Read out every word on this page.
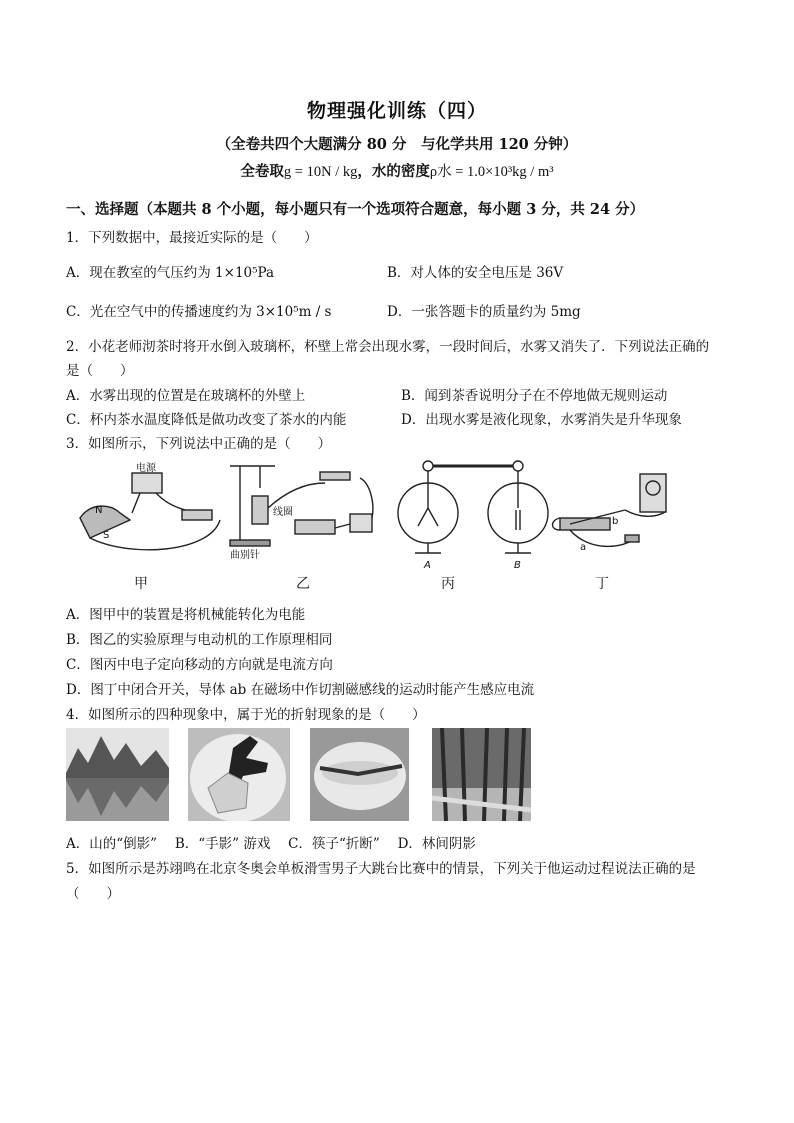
物理强化训练（四）
（全卷共四个大题满分 80 分　与化学共用 120 分钟）
全卷取g = 10N / kg，水的密度ρ水 = 1.0×10³kg / m³
一、选择题（本题共 8 个小题，每小题只有一个选项符合题意，每小题 3 分，共 24 分）
1．下列数据中，最接近实际的是（　　）
A．现在教室的气压约为 1×10⁵Pa	B．对人体的安全电压是 36V
C．光在空气中的传播速度约为 3×10⁵m / s	D．一张答题卡的质量约为 5mg
2．小花老师沏茶时将开水倒入玻璃杯，杯壁上常会出现水雾，一段时间后，水雾又消失了．下列说法正确的
是（　　）
A．水雾出现的位置是在玻璃杯的外壁上	B．闻到茶香说明分子在不停地做无规则运动
C．杯内茶水温度降低是做功改变了茶水的内能	D．出现水雾是液化现象，水雾消失是升华现象
3．如图所示，下列说法中正确的是（　　）
电源
N
S
线圈
曲别针
A	B
a
b
甲	乙	丙	丁
A．图甲中的装置是将机械能转化为电能
B．图乙的实验原理与电动机的工作原理相同
C．图丙中电子定向移动的方向就是电流方向
D．图丁中闭合开关，导体 ab 在磁场中作切割磁感线的运动时能产生感应电流
4．如图所示的四种现象中，属于光的折射现象的是（　　）
A．山的“倒影”　 B．“手影” 游戏　 C．筷子“折断”　 D．林间阴影
5．如图所示是苏翊鸣在北京冬奥会单板滑雪男子大跳台比赛中的情景，下列关于他运动过程说法正确的是
（　　）
